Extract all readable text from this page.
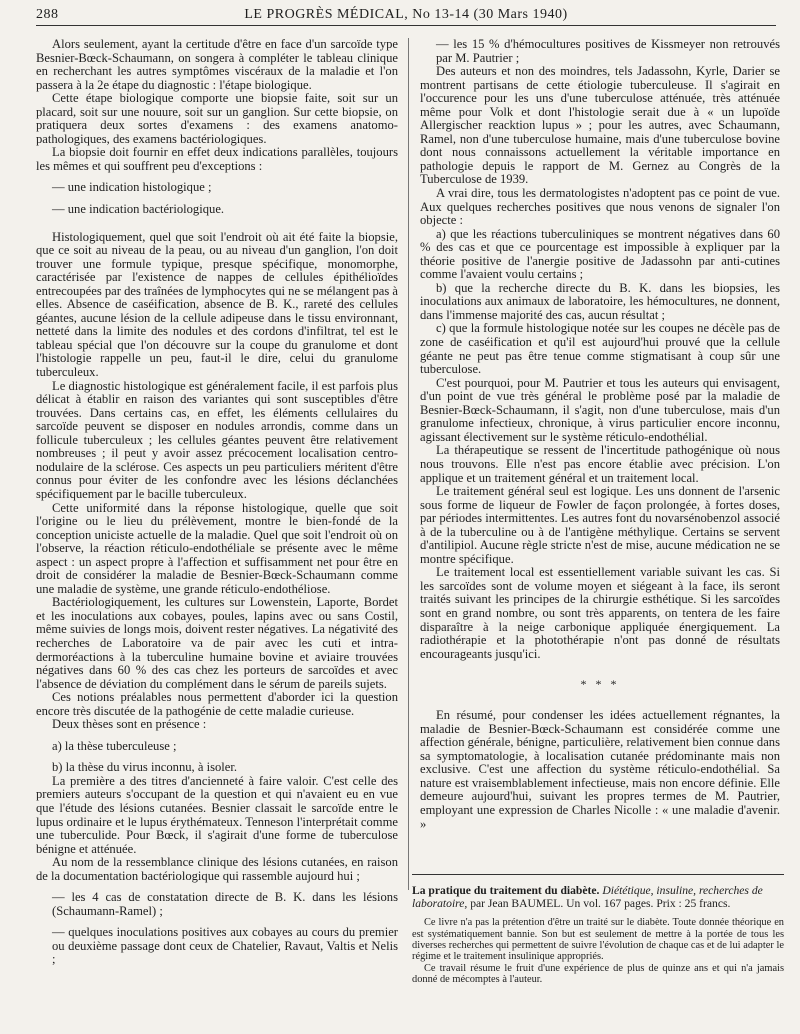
288	LE PROGRÈS MÉDICAL, No 13-14 (30 Mars 1940)

Alors seulement, ayant la certitude d'être en face d'un sarcoïde type Besnier-Bœck-Schaumann, on songera à compléter le tableau clinique en recherchant les autres symptômes viscéraux de la maladie et l'on passera à la 2e étape du diagnostic : l'étape biologique.

Cette étape biologique comporte une biopsie faite, soit sur un placard, soit sur une nouure, soit sur un ganglion. Sur cette biopsie, on pratiquera deux sortes d'examens : des examens anatomo-pathologiques, des examens bactériologiques.

La biopsie doit fournir en effet deux indications parallèles, toujours les mêmes et qui souffrent peu d'exceptions :

— une indication histologique ;

— une indication bactériologique.

Histologiquement, quel que soit l'endroit où ait été faite la biopsie, que ce soit au niveau de la peau, ou au niveau d'un ganglion, l'on doit trouver une formule typique, presque spécifique, monomorphe, caractérisée par l'existence de nappes de cellules épithélioïdes entrecoupées par des traînées de lymphocytes qui ne se mélangent pas à elles. Absence de caséification, absence de B. K., rareté des cellules géantes, aucune lésion de la cellule adipeuse dans le tissu environnant, netteté dans la limite des nodules et des cordons d'infiltrat, tel est le tableau spécial que l'on découvre sur la coupe du granulome et dont l'histologie rappelle un peu, faut-il le dire, celui du granulome tuberculeux.

Le diagnostic histologique est généralement facile, il est parfois plus délicat à établir en raison des variantes qui sont susceptibles d'être trouvées. Dans certains cas, en effet, les éléments cellulaires du sarcoïde peuvent se disposer en nodules arrondis, comme dans un follicule tuberculeux ; les cellules géantes peuvent être relativement nombreuses ; il peut y avoir assez précocement localisation centro-nodulaire de la sclérose. Ces aspects un peu particuliers méritent d'être connus pour éviter de les confondre avec les lésions déclanchées spécifiquement par le bacille tuberculeux.

Cette uniformité dans la réponse histologique, quelle que soit l'origine ou le lieu du prélèvement, montre le bien-fondé de la conception uniciste actuelle de la maladie. Quel que soit l'endroit où on l'observe, la réaction réticulo-endothéliale se présente avec le même aspect : un aspect propre à l'affection et suffisamment net pour être en droit de considérer la maladie de Besnier-Bœck-Schaumann comme une maladie de système, une grande réticulo-endothéliose.

Bactériologiquement, les cultures sur Lowenstein, Laporte, Bordet et les inoculations aux cobayes, poules, lapins avec ou sans Costil, même suivies de longs mois, doivent rester négatives. La négativité des recherches de Laboratoire va de pair avec les cuti et intra-dermoréactions à la tuberculine humaine bovine et aviaire trouvées négatives dans 60 % des cas chez les porteurs de sarcoïdes et avec l'absence de déviation du complément dans le sérum de pareils sujets.

Ces notions préalables nous permettent d'aborder ici la question encore très discutée de la pathogénie de cette maladie curieuse.

Deux thèses sont en présence :

a) la thèse tuberculeuse ;

b) la thèse du virus inconnu, à isoler.

La première a des titres d'ancienneté à faire valoir. C'est celle des premiers auteurs s'occupant de la question et qui n'avaient eu en vue que l'étude des lésions cutanées. Besnier classait le sarcoïde entre le lupus ordinaire et le lupus érythémateux. Tenneson l'interprétait comme une tuberculide. Pour Bœck, il s'agirait d'une forme de tuberculose bénigne et atténuée.

Au nom de la ressemblance clinique des lésions cutanées, en raison de la documentation bactériologique qui rassemble aujourd hui ;

— les 4 cas de constatation directe de B. K. dans les lésions (Schaumann-Ramel) ;

— quelques inoculations positives aux cobayes au cours du premier ou deuxième passage dont ceux de Chatelier, Ravaut, Valtis et Nelis ;

— les 15 % d'hémocultures positives de Kissmeyer non retrouvés par M. Pautrier ;

Des auteurs et non des moindres, tels Jadassohn, Kyrle, Darier se montrent partisans de cette étiologie tuberculeuse. Il s'agirait en l'occurence pour les uns d'une tuberculose atténuée, très atténuée même pour Volk et dont l'histologie serait due à « un lupoïde Allergischer reacktion lupus » ; pour les autres, avec Schaumann, Ramel, non d'une tuberculose humaine, mais d'une tuberculose bovine dont nous connaissons actuellement la véritable importance en pathologie depuis le rapport de M. Gernez au Congrès de la Tuberculose de 1939.

A vrai dire, tous les dermatologistes n'adoptent pas ce point de vue. Aux quelques recherches positives que nous venons de signaler l'on objecte :

a) que les réactions tuberculiniques se montrent négatives dans 60 % des cas et que ce pourcentage est impossible à expliquer par la théorie positive de l'anergie positive de Jadassohn par anti-cutines comme l'avaient voulu certains ;

b) que la recherche directe du B. K. dans les biopsies, les inoculations aux animaux de laboratoire, les hémocultures, ne donnent, dans l'immense majorité des cas, aucun résultat ;

c) que la formule histologique notée sur les coupes ne décèle pas de zone de caséification et qu'il est aujourd'hui prouvé que la cellule géante ne peut pas être tenue comme stigmatisant à coup sûr une tuberculose.

C'est pourquoi, pour M. Pautrier et tous les auteurs qui envisagent, d'un point de vue très général le problème posé par la maladie de Besnier-Bœck-Schaumann, il s'agit, non d'une tuberculose, mais d'un granulome infectieux, chronique, à virus particulier encore inconnu, agissant électivement sur le système réticulo-endothélial.

La thérapeutique se ressent de l'incertitude pathogénique où nous nous trouvons. Elle n'est pas encore établie avec précision. L'on applique et un traitement général et un traitement local.

Le traitement général seul est logique. Les uns donnent de l'arsenic sous forme de liqueur de Fowler de façon prolongée, à fortes doses, par périodes intermittentes. Les autres font du novarsénobenzol associé à de la tuberculine ou à de l'antigène méthylique. Certains se servent d'antilipiol. Aucune règle stricte n'est de mise, aucune médication ne se montre spécifique.

Le traitement local est essentiellement variable suivant les cas. Si les sarcoïdes sont de volume moyen et siégeant à la face, ils seront traités suivant les principes de la chirurgie esthétique. Si les sarcoïdes sont en grand nombre, ou sont très apparents, on tentera de les faire disparaître à la neige carbonique appliquée énergiquement. La radiothérapie et la photothérapie n'ont pas donné de résultats encourageants jusqu'ici.

* * *

En résumé, pour condenser les idées actuellement régnantes, la maladie de Besnier-Bœck-Schaumann est considérée comme une affection générale, bénigne, particulière, relativement bien connue dans sa symptomatologie, à localisation cutanée prédominante mais non exclusive. C'est une affection du système réticulo-endothélial. Sa nature est vraisemblablement infectieuse, mais non encore définie. Elle demeure aujourd'hui, suivant les propres termes de M. Pautrier, employant une expression de Charles Nicolle : « une maladie d'avenir. »

La pratique du traitement du diabète. Diététique, insuline, recherches de laboratoire, par Jean BAUMEL. Un vol. 167 pages. Prix : 25 francs.

Ce livre n'a pas la prétention d'être un traité sur le diabète. Toute donnée théorique en est systématiquement bannie. Son but est seulement de mettre à la portée de tous les diverses recherches qui permettent de suivre l'évolution de chaque cas et de lui adapter le régime et le traitement insulinique appropriés.

Ce travail résume le fruit d'une expérience de plus de quinze ans et qui n'a jamais donné de mécomptes à l'auteur.
